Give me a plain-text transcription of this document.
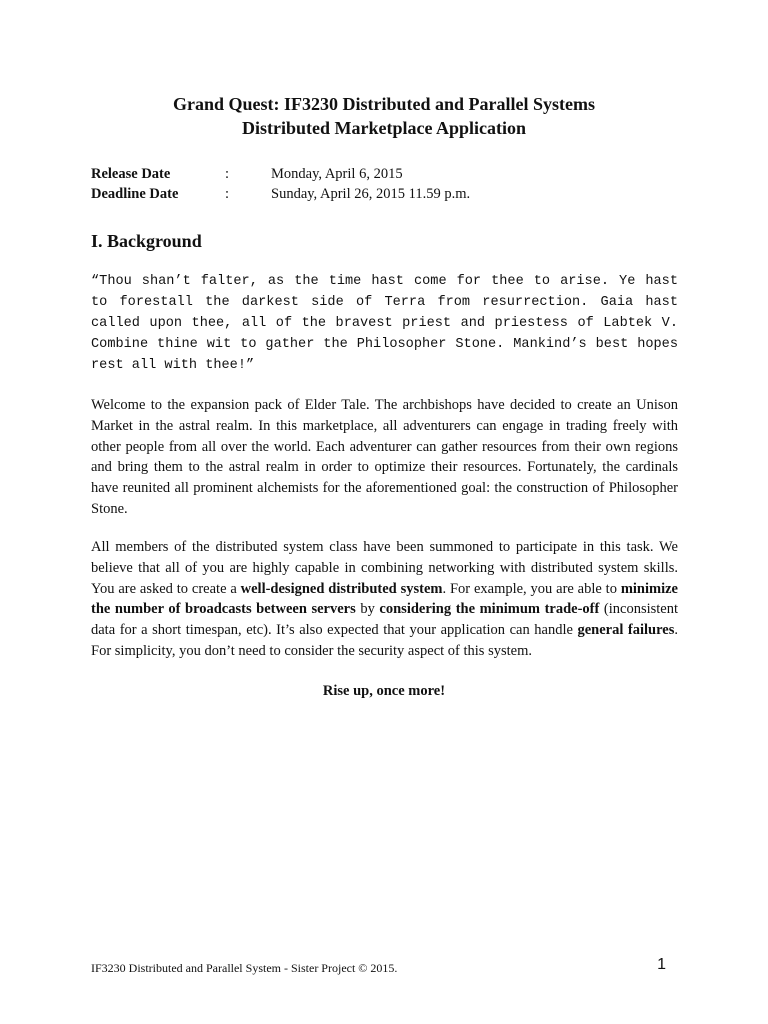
Grand Quest: IF3230 Distributed and Parallel Systems
Distributed Marketplace Application
Release Date	:	Monday, April 6, 2015
Deadline Date	:	Sunday, April 26, 2015 11.59 p.m.
I. Background
“Thou shan’t falter, as the time hast come for thee to arise. Ye hast to forestall the darkest side of Terra from resurrection. Gaia hast called upon thee, all of the bravest priest and priestess of Labtek V. Combine thine wit to gather the Philosopher Stone. Mankind’s best hopes rest all with thee!”
Welcome to the expansion pack of Elder Tale. The archbishops have decided to create an Unison Market in the astral realm. In this marketplace, all adventurers can engage in trading freely with other people from all over the world. Each adventurer can gather resources from their own regions and bring them to the astral realm in order to optimize their resources. Fortunately, the cardinals have reunited all prominent alchemists for the aforementioned goal: the construction of Philosopher Stone.
All members of the distributed system class have been summoned to participate in this task. We believe that all of you are highly capable in combining networking with distributed system skills. You are asked to create a well-designed distributed system. For example, you are able to minimize the number of broadcasts between servers by considering the minimum trade-off (inconsistent data for a short timespan, etc). It’s also expected that your application can handle general failures. For simplicity, you don’t need to consider the security aspect of this system.
Rise up, once more!
IF3230 Distributed and Parallel System - Sister Project © 2015.	1
